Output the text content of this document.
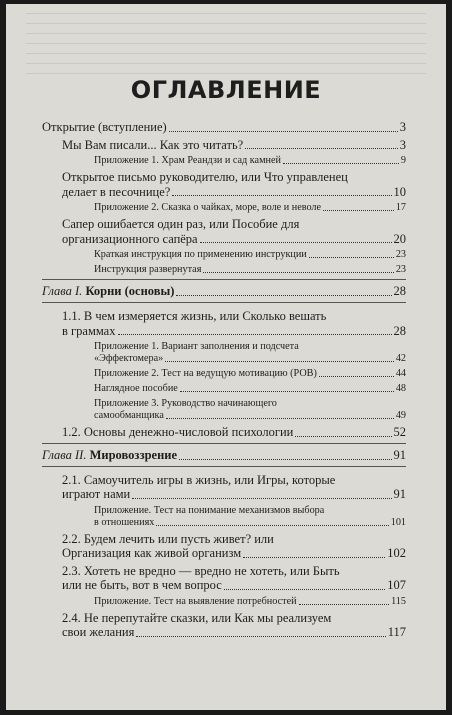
ОГЛАВЛЕНИЕ
Открытие (вступление)	3
Мы Вам писали... Как это читать?	3
Приложение 1. Храм Реандзи и сад камней	9
Открытое письмо руководителю, или Что управленец
делает в песочнице?	10
Приложение 2. Сказка о чайках, море, воле и неволе	17
Сапер ошибается один раз, или Пособие для
организационного сапёра	20
Краткая инструкция по применению инструкции	23
Инструкция развернутая	23
Глава I. Корни (основы)	28
1.1. В чем измеряется жизнь, или Сколько вешать
в граммах	28
Приложение 1. Вариант заполнения и подсчета
«Эффектомера»	42
Приложение 2. Тест на ведущую мотивацию (РОВ)	44
Наглядное пособие	48
Приложение 3. Руководство начинающего
самообманщика	49
1.2. Основы денежно-числовой психологии	52
Глава II. Мировоззрение	91
2.1. Самоучитель игры в жизнь, или Игры, которые
играют нами	91
Приложение. Тест на понимание механизмов выбора
в отношениях	101
2.2. Будем лечить или пусть живет? или
Организация как живой организм	102
2.3. Хотеть не вредно — вредно не хотеть, или Быть
или не быть, вот в чем вопрос	107
Приложение. Тест на выявление потребностей	115
2.4. Не перепутайте сказки, или Как мы реализуем
свои желания	117
